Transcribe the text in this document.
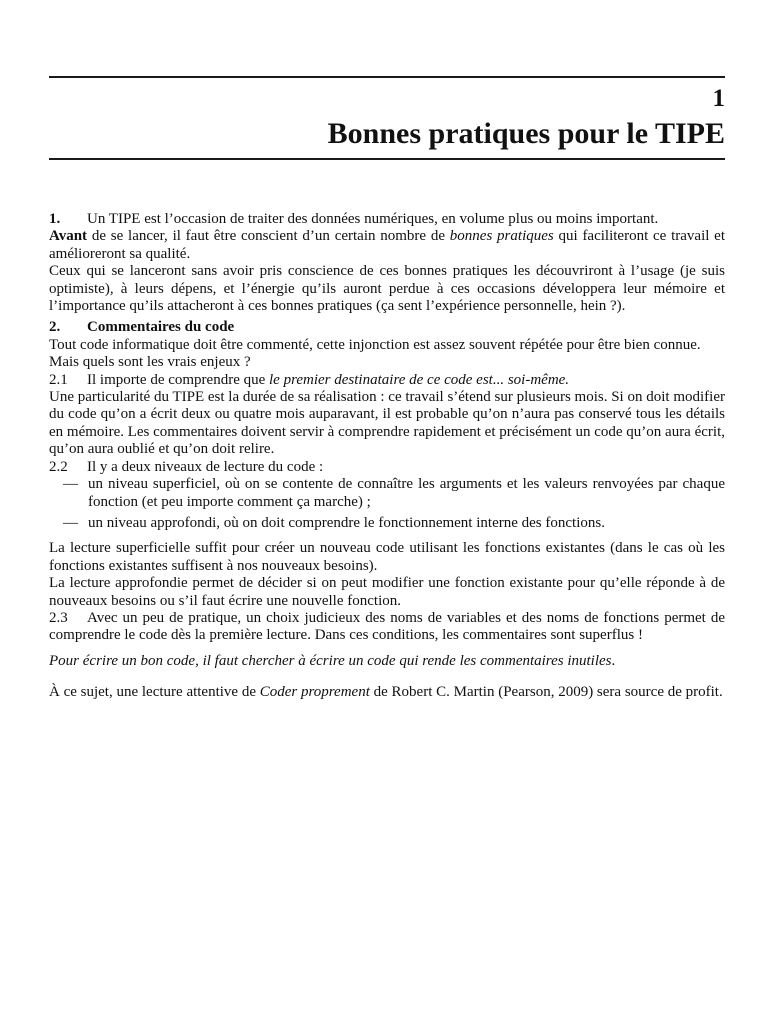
1
Bonnes pratiques pour le TIPE

1. Un TIPE est l’occasion de traiter des données numériques, en volume plus ou moins important.

Avant de se lancer, il faut être conscient d’un certain nombre de bonnes pratiques qui faciliteront ce travail et amélioreront sa qualité.

Ceux qui se lanceront sans avoir pris conscience de ces bonnes pratiques les découvriront à l’usage (je suis optimiste), à leurs dépens, et l’énergie qu’ils auront perdue à ces occasions développera leur mémoire et l’importance qu’ils attacheront à ces bonnes pratiques (ça sent l’expérience personnelle, hein ?).

2. Commentaires du code

Tout code informatique doit être commenté, cette injonction est assez souvent répétée pour être bien connue.

Mais quels sont les vrais enjeux ?

2.1 Il importe de comprendre que le premier destinataire de ce code est... soi-même.

Une particularité du TIPE est la durée de sa réalisation : ce travail s’étend sur plusieurs mois. Si on doit modifier du code qu’on a écrit deux ou quatre mois auparavant, il est probable qu’on n’aura pas conservé tous les détails en mémoire. Les commentaires doivent servir à comprendre rapidement et précisément un code qu’on aura écrit, qu’on aura oublié et qu’on doit relire.

2.2 Il y a deux niveaux de lecture du code :

— un niveau superficiel, où on se contente de connaître les arguments et les valeurs renvoyées par chaque fonction (et peu importe comment ça marche) ;
— un niveau approfondi, où on doit comprendre le fonctionnement interne des fonctions.

La lecture superficielle suffit pour créer un nouveau code utilisant les fonctions existantes (dans le cas où les fonctions existantes suffisent à nos nouveaux besoins).

La lecture approfondie permet de décider si on peut modifier une fonction existante pour qu’elle réponde à de nouveaux besoins ou s’il faut écrire une nouvelle fonction.

2.3 Avec un peu de pratique, un choix judicieux des noms de variables et des noms de fonctions permet de comprendre le code dès la première lecture. Dans ces conditions, les commentaires sont superflus !

Pour écrire un bon code, il faut chercher à écrire un code qui rende les commentaires inutiles.

À ce sujet, une lecture attentive de Coder proprement de Robert C. Martin (Pearson, 2009) sera source de profit.
